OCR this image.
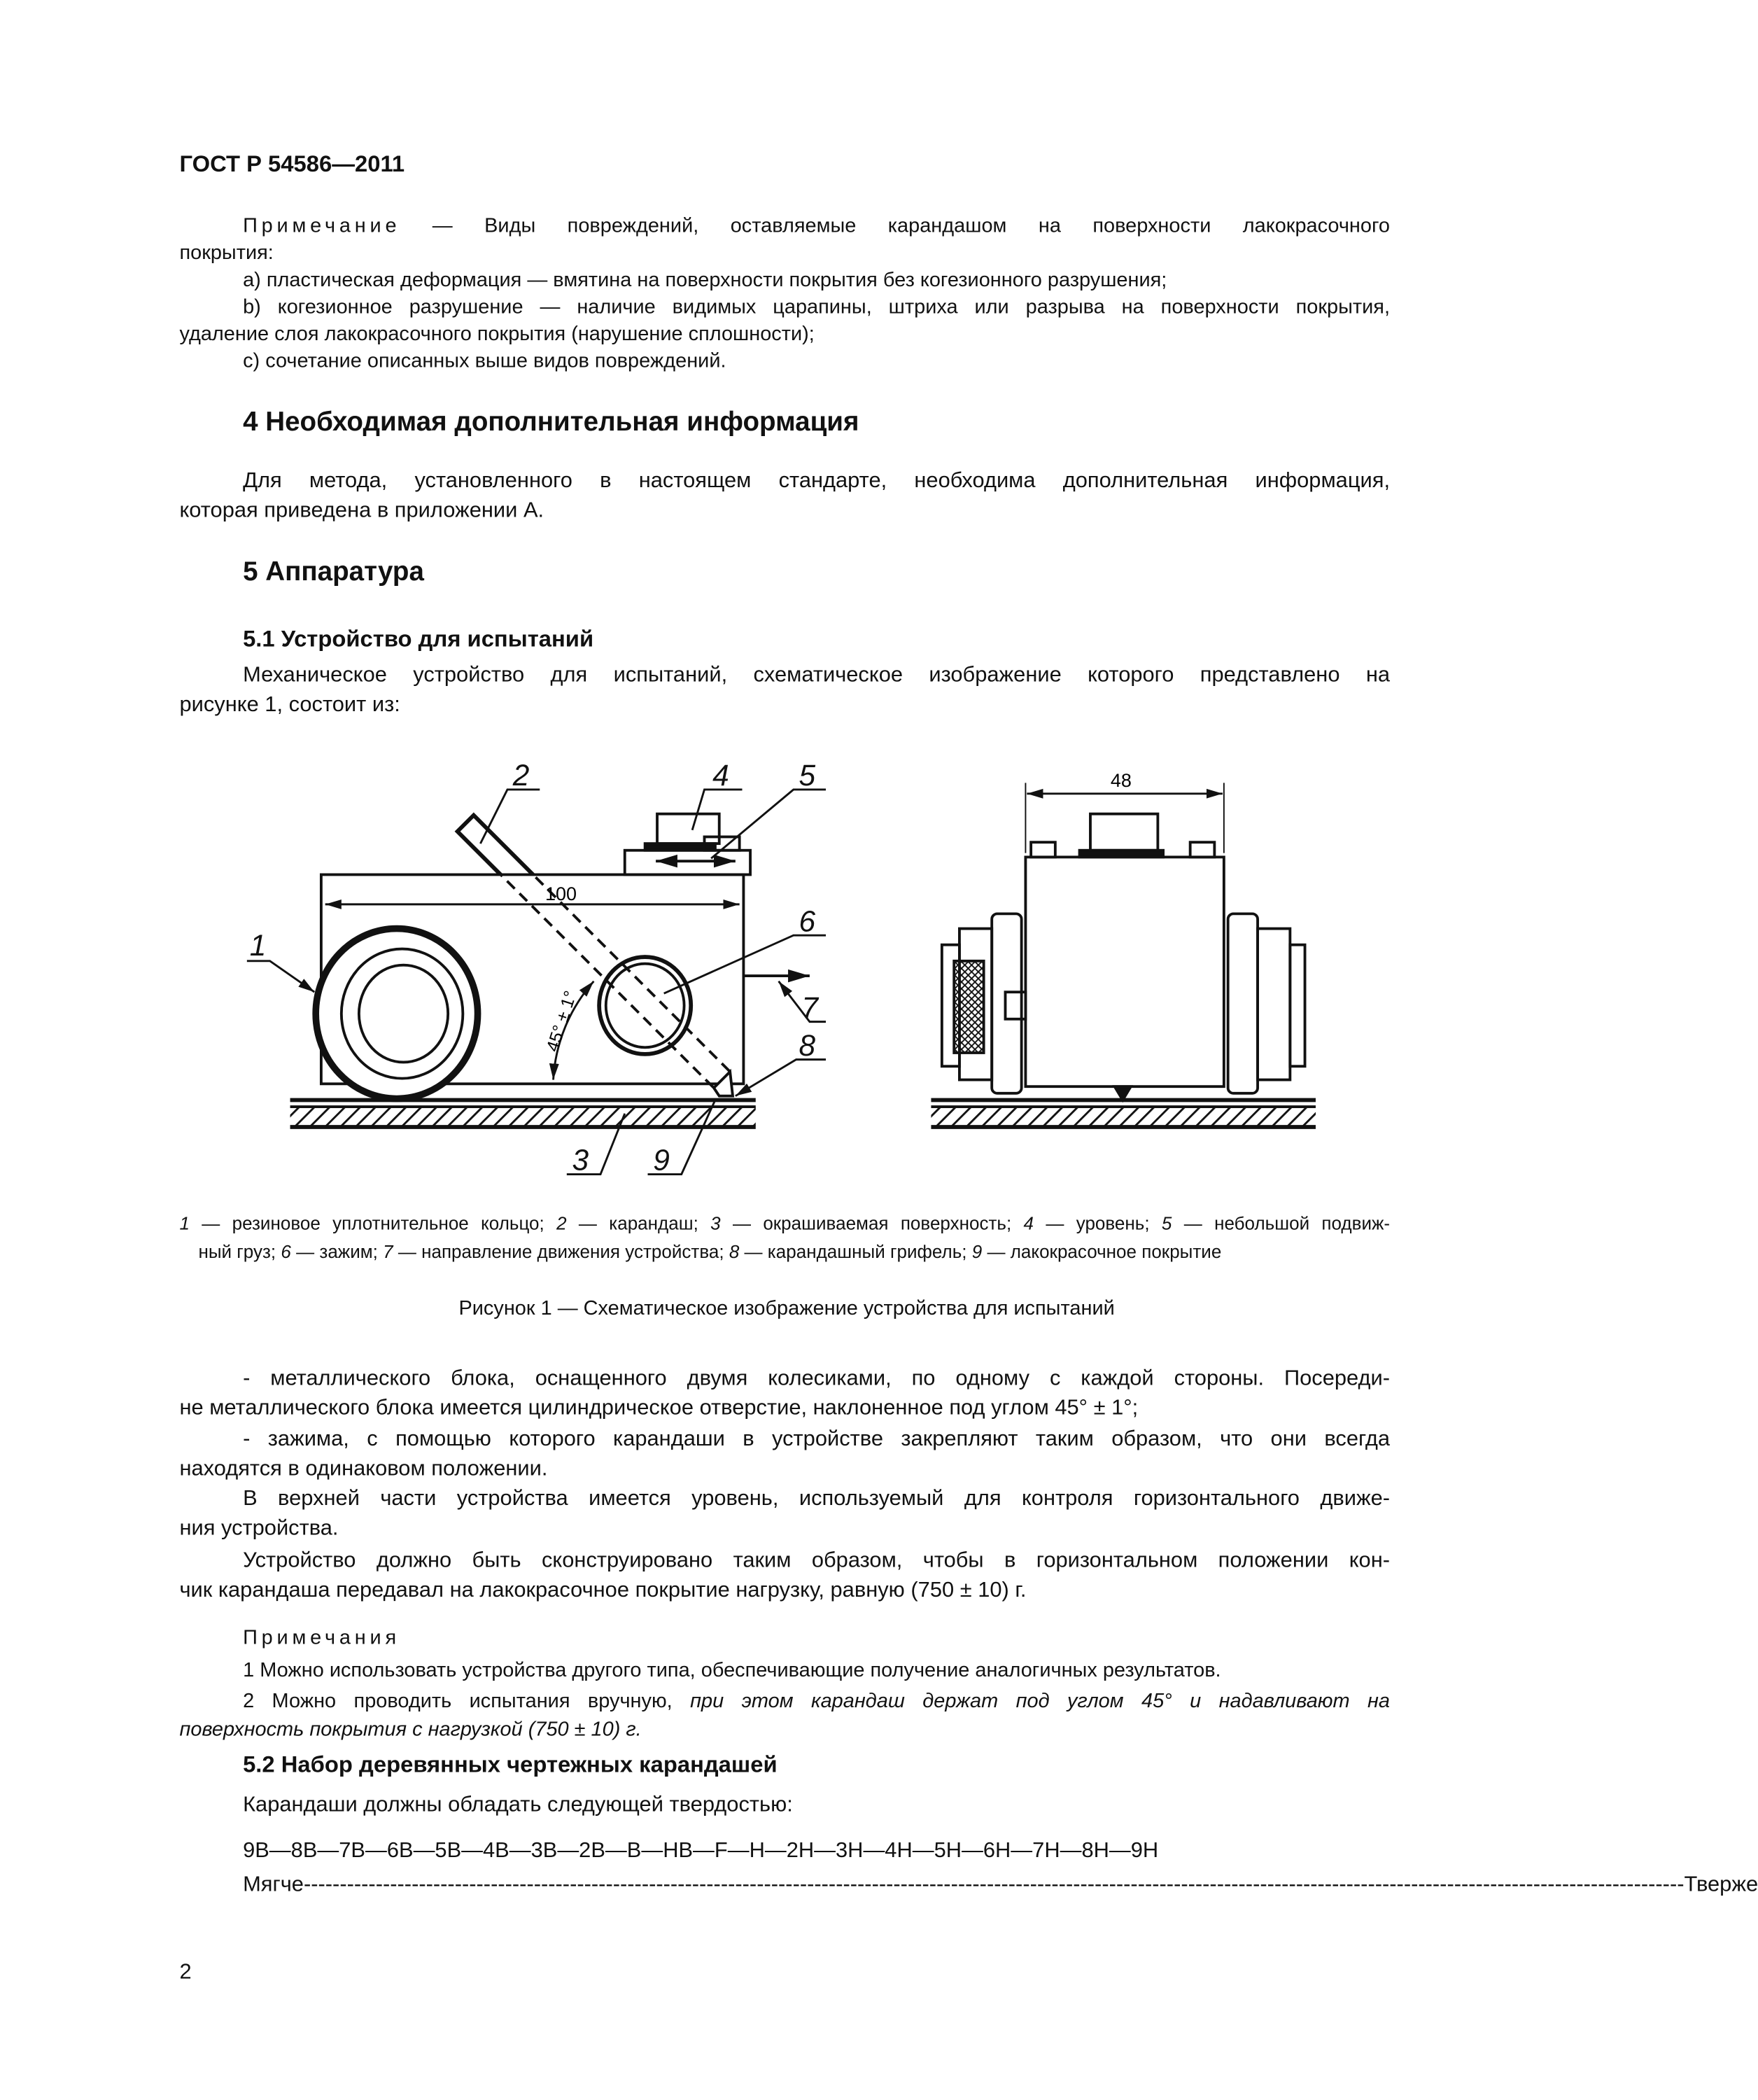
ГОСТ Р 54586—2011
Примечание	— Виды повреждений, оставляемые карандашом на поверхности лакокрасочного
покрытия:
a) пластическая деформация — вмятина на поверхности покрытия без когезионного разрушения;
b) когезионное разрушение — наличие видимых царапины, штриха или разрыва на поверхности покрытия,
удаление слоя лакокрасочного покрытия (нарушение сплошности);
c) сочетание описанных выше видов повреждений.
4 Необходимая дополнительная информация
Для метода, установленного в настоящем стандарте, необходима дополнительная информация,
которая приведена в приложении А.
5 Аппаратура
5.1 Устройство для испытаний
Механическое устройство для испытаний, схематическое изображение которого представлено на
рисунке 1, состоит из:
1
2
3
4	5
6
7
8
9
100
45° ± 1°
48
1 — резиновое уплотнительное кольцо; 2 — карандаш; 3 — окрашиваемая поверхность; 4 — уровень; 5 — небольшой подвиж-
ный груз; 6 — зажим; 7 — направление движения устройства; 8 — карандашный грифель; 9 — лакокрасочное покрытие
Рисунок 1 — Схематическое изображение устройства для испытаний
- металлического блока, оснащенного двумя колесиками, по одному с каждой стороны. Посереди-
не металлического блока имеется цилиндрическое отверстие, наклоненное под углом 45° ± 1°;
- зажима, с помощью которого карандаши в устройстве закрепляют таким образом, что они всегда
находятся в одинаковом положении.
В верхней части устройства имеется уровень, используемый для контроля горизонтального движе-
ния устройства.
Устройство должно быть сконструировано таким образом, чтобы в горизонтальном положении кон-
чик карандаша передавал на лакокрасочное покрытие нагрузку, равную (750 ± 10) г.
Примечания
1 Можно использовать устройства другого типа, обеспечивающие получение аналогичных результатов.
2 Можно проводить испытания вручную, при этом карандаш держат под углом 45° и надавливают на
поверхность покрытия с нагрузкой (750 ± 10) г.
5.2 Набор деревянных чертежных карандашей
Карандаши должны обладать следующей твердостью:
9B—8B—7B—6B—5B—4B—3B—2B—B—HB—F—H—2H—3H—4H—5H—6H—7H—8H—9H
Мягче ------------------------------------------------------------------------------------------------------------------------------------------------------------------------------------------------ Тверже
2
